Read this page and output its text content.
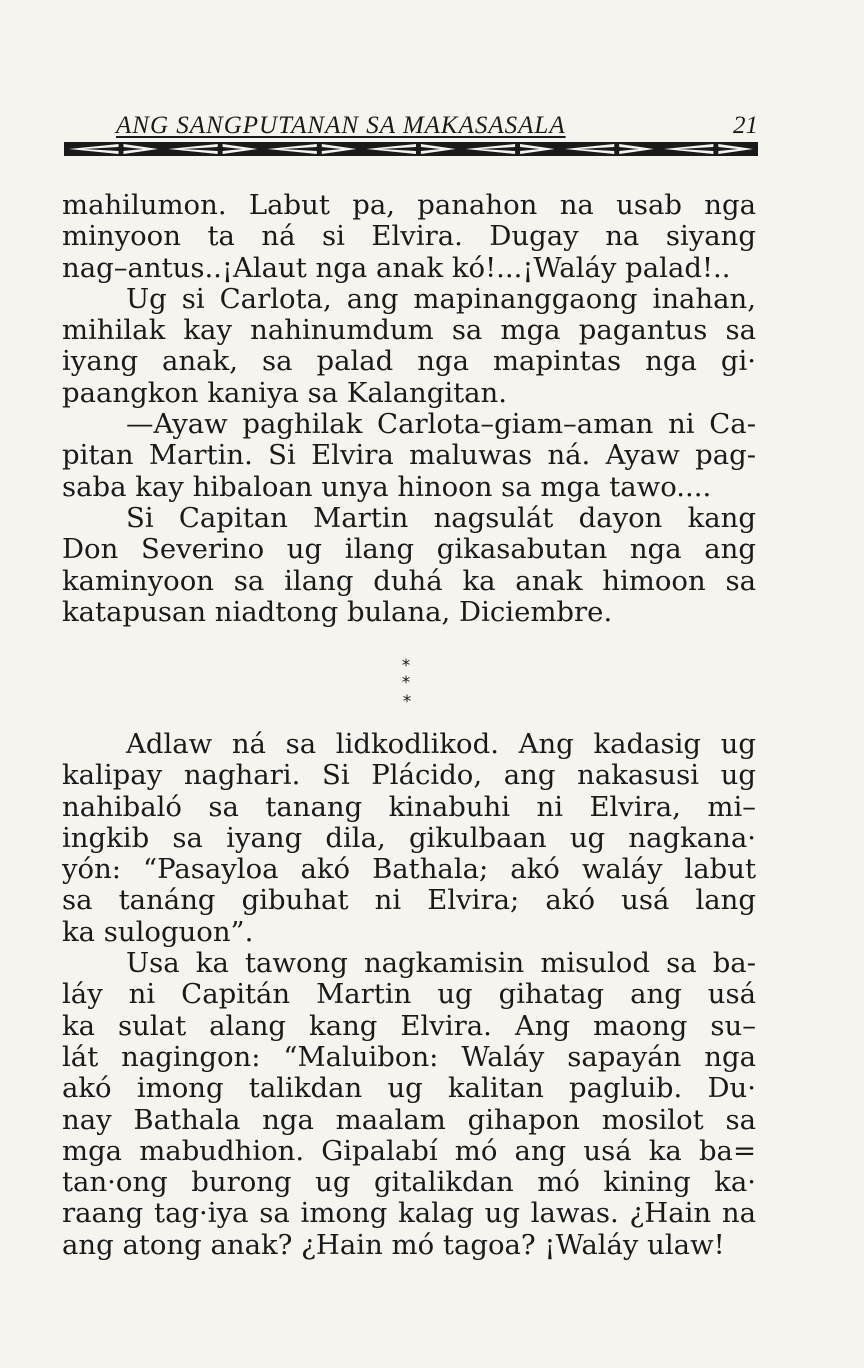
ANG SANGPUTANAN SA MAKASASALA	21
mahilumon. Labut pa, panahon na usab nga
minyoon ta ná si Elvira. Dugay na siyang
nag–antus..¡Alaut nga anak kó!...¡Waláy palad!..
Ug si Carlota, ang mapinanggaong inahan,
mihilak kay nahinumdum sa mga pagantus sa
iyang anak, sa palad nga mapintas nga gi·
paangkon kaniya sa Kalangitan.
—Ayaw paghilak Carlota–giam–aman ni Ca-
pitan Martin. Si Elvira maluwas ná. Ayaw pag-
saba kay hibaloan unya hinoon sa mga tawo....
Si Capitan Martin nagsulát dayon kang
Don Severino ug ilang gikasabutan nga ang
kaminyoon sa ilang duhá ka anak himoon sa
katapusan niadtong bulana, Diciembre.
* *
*
Adlaw ná sa lidkodlikod. Ang kadasig ug
kalipay naghari. Si Plácido, ang nakasusi ug
nahibaló sa tanang kinabuhi ni Elvira, mi–
ingkib sa iyang dila, gikulbaan ug nagkana·
yón: “Pasayloa akó Bathala; akó waláy labut
sa tanáng gibuhat ni Elvira; akó usá lang
ka suloguon”.
Usa ka tawong nagkamisin misulod sa ba-
láy ni Capitán Martin ug gihatag ang usá
ka sulat alang kang Elvira. Ang maong su–
lát nagingon: “Maluibon: Waláy sapayán nga
akó imong talikdan ug kalitan pagluib. Du·
nay Bathala nga maalam gihapon mosilot sa
mga mabudhion. Gipalabí mó ang usá ka ba=
tan·ong burong ug gitalikdan mó kining ka·
raang tag·iya sa imong kalag ug lawas. ¿Hain na
ang atong anak? ¿Hain mó tagoa? ¡Waláy ulaw!
